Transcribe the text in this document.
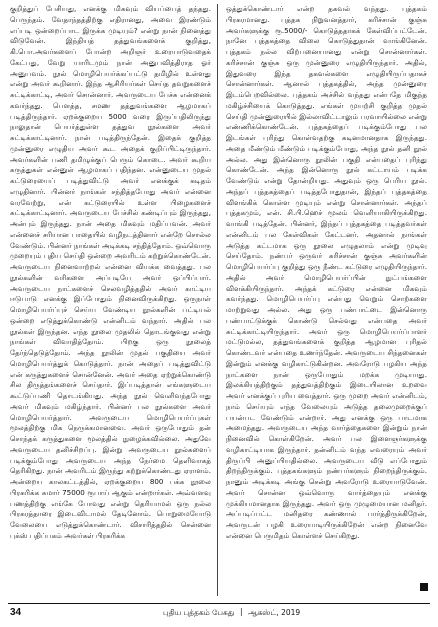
குறித்துப் பேசியது, எனக்கு மிகவும் வியப்பைத் தந்தது. பெருந்தம். வேதாந்தத்திற்கு எதிரானது, அவை இரண்டும் எப்படி ஒன்றைப்பாட இருக்க முடியும்? என்று நான் நினைத்து விடுவேன். இந்தியத் தத்துவங்களைக் குறித்து, கி.பொ.அவர்களைப் போன்ற அறிஞர் உரையாடுவதைக் கேட்பது, வேறு யாரிடமும் நான் அனுபவித்திராத ஓர் அனுபவம். நூல் மொழிபெயர்க்கப்பட்டு தமிழில் உள்ளது என்று அவர் கூறினார். இந்த ஆசிரியர்கள் செய்த தவறுகளைச் சுட்டிக்காட்டி, அவர் சொன்னார். அவருடைய பேச்சு என்னைக் கவர்ந்தது. பௌத்த, சமண தத்துவங்களை ஆழமாகப் படித்திருந்தார். ஏறக்குறைய 5000 வரை இருப்பதிலிருந்து நாலுதான் பெயர்த்துள்ள தத்துவ நூல்களை அவர் சுட்டிக்காட்டினார். நான் படித்திருந்தேன். இதைக் குறித்த முன்னுரை எழுதிய அவர் கூட அதைக் குறிப்பிட்டிருந்தார். அவர்களின் பணி தமிழுக்குப் பெரும் கொடை. அவர் கூறிய கருத்துகள் என்னுள் ஆழமாகப் பதிந்தன. என்னுடைய முதல் கட்டுரையைப் படித்துவிட்டு அவர் எனக்குக் கடிதம் எழுதினார். பின்னர் நாங்கள் சந்தித்தபோது அவர் என்னை வரவேற்று, என் கட்டுரையில் உள்ள பிழைகளைச் சுட்டிக்காட்டினார். அவருடைய பேச்சில் கண்டிப்பும் இருந்தது, அன்பும் இருந்தது. நான் அதை மிகவும் மதிப்பவன். அவர் என்னைச் சரியான பாதையில் வழிநடத்தினார் என்றே சொல்ல வேண்டும். பின்னர் நாங்கள் அடிக்கடி சந்தித்தோம். ஒவ்வொரு முறையும் புதிய செய்தி ஒன்றை அவரிடம் கற்றுக்கொண்டேன். அவருடைய நினைவாற்றல் என்னை வியக்க வைத்தது. பல நூல்களின் வரிகளை அப்படியே அவர் ஒப்பிப்பார். அவருடைய நாட்களைச் செலவழித்ததில் அவர் காட்டிய ஈடுபாடு எனக்கு இப்போதும் நினைவிருக்கிறது. ஒருநாள் மொழிபெயர்ப்புச் செய்ய வேண்டிய நூல்களின் பட்டியல் ஒன்றை எடுத்துக்கொண்டு என்னிடம் வந்தார். அதில் பல நூல்கள் இருந்தன. எந்த நூலை முதலில் தொடங்குவது என்று நாங்கள் விவாதித்தோம். பிறகு ஒரு நூலைத் தேர்ந்தெடுத்தோம். அந்த நூலின் முதல் பகுதியை அவர் மொழிபெயர்த்துக் கொடுத்தார். நான் அதைப் படித்துவிட்டு என் கருத்துகளைச் சொன்னேன். அவர் அதை ஏற்றுக்கொண்டு சில திருத்தங்களைச் செய்தார். இப்படித்தான் எங்களுடைய கூட்டுப்பணி தொடங்கியது. அந்த நூல் வெளிவந்தபோது அவர் மிகவும் மகிழ்ந்தார். பின்னர் பல நூல்களை அவர் மொழிபெயர்த்தார். அவருடைய மொழிபெயர்ப்புகள் மூலத்திற்கு மிக நெருக்கமானவை. அவர் ஒருபோதும் தன் சொந்தக் கருத்துகளை மூலத்தில் நுழைக்கவில்லை. அதுவே அவருடைய தனிச்சிறப்பு. இன்று அவருடைய நூல்களைப் படிக்கும்போது அவருடைய அந்த நேர்மை தெளிவாகத் தெரிகிறது. நான் அவரிடம் இருந்து கற்றுக்கொண்டது ஏராளம். அன்றைய காலகட்டத்தில், ஏறக்குறைய 800 பக்க நூலை பிரசுரிக்க சுமார் 75000 ரூபாய் ஆகும் என்றார்கள். அவ்வளவு பணத்திற்கு எங்கே போவது என்று தெரியாமல் ஒரு நல்ல பிரசுரத்தாரை இடைவிடாமல் தேடினோம். பொறுமையோடு வேலையை எடுத்துக்கொண்டார். விசாரித்ததில் சென்னை புக்ஸ் பதிப்பகம் அவர்கள் பிரசுரிக்க

ஒத்துக்கொண்டார் என்ற தகவல் வந்தது. புத்தகம் பிரசுரமானது. புத்தக நிறுவனத்தார், கரிச்சான் குஞ்சு அவர்களுக்கு ரூ.5000/- கொடுத்ததாகக் கேள்விப்பட்டேன். நானே புத்தகத்தை விலை கொடுத்துதான் வாங்கினேன். புத்தகம் நல்ல விற்பனையானது என்று சொன்னார்கள். கரிச்சான் குஞ்சு ஒரு முன்னுரை எழுதியிருந்தார். அதில், இதுவரை இந்த தகவல்களை எழுதியிருப்பதாகச் சொன்னார்கள். ஆனால் புத்தகத்தில், அந்த முன்னுரை இடம்பெறவில்லை. புத்தகம் அச்சில் வந்தது என்பதே மிகுந்த மகிழ்ச்சியைக் கொடுத்தது. எங்கள் முயற்சி குறித்த முதல் செய்தி முன்னுரையில் இல்லாவிட்டாலும் பரவாயில்லை என்று எண்ணிக்கொண்டேன். புத்தகத்தைப் படிக்கும்போது பல இடங்கள் புரிந்து கொள்வதற்கு கடினமானதாக இருந்தது. அதை மீண்டும் மீண்டும் படிக்கும்போது, அந்த நூல் தனி நூல் அல்ல. அது இன்னொரு நூலின் பகுதி என்பதைப் புரிந்து கொண்டேன். அந்த இன்னொரு நூல் கட்டாயம் படிக்க வேண்டும் என்று தோன்றியது. அதுவும் ஒரு பெரிய நூல். அந்தப் புத்தகத்தைப் படித்தபோதுதான், இந்தப் புத்தகத்தை விளங்கிக் கொள்ள முடியும் என்று சொன்னார்கள். அந்தப் புத்தகமும், என். சி.பி.ஹெச் மூலம் வெளியாகியிருக்கிறது. வாங்கி படித்தேன். பின்னர், இந்தப் புத்தகத்தை படித்தவர்கள் என்னிடம் பல கேள்விகள் கேட்டனர். அதனால் நாங்கள் அடுத்த கட்டமாக ஒரு நூலை எழுதலாம் என்று முடிவு செய்தோம். நண்பர் ஒருவர் கரிச்சான் குஞ்சு அவர்களின் மொழிபெயர்ப்பு குறித்து ஒரு நீண்ட கட்டுரை எழுதியிருந்தார். அதில் அவர் மொழிபெயர்ப்பின் நுட்பங்களை விளக்கியிருந்தார். அந்தக் கட்டுரை என்னை மிகவும் கவர்ந்தது. மொழிபெயர்ப்பு என்பது வெறும் சொற்களை மாற்றுவது அல்ல. அது ஒரு பண்பாட்டை இன்னொரு பண்பாட்டுக்குக் கொண்டு செல்வது என்பதை அவர் சுட்டிக்காட்டியிருந்தார். அவர் ஒரு மொழிபெயர்ப்பாளர் மட்டுமல்ல, தத்துவங்களைக் குறித்த ஆழமான புரிதல் கொண்டவர் என்பதை உணர்ந்தேன். அவருடைய சிந்தனைகள் இன்றும் எனக்கு வழிகாட்டுகின்றன. அவரோடு பழகிய அந்த நாட்களை நான் ஒருபோதும் மறக்க முடியாது. இலக்கியத்திற்கும் தத்துவத்திற்கும் இடையிலான உறவை அவர் எனக்குப் புரிய வைத்தார். ஒரு முறை அவர் என்னிடம், நாம் செய்யும் எந்த வேலையும் அடுத்த தலைமுறைக்குப் பயன்பட வேண்டும் என்றார். அது எனக்கு ஒரு பாடமாக அமைந்தது. அவருடைய அந்த வார்த்தைகளை இன்றும் நான் நினைவில் கொள்கிறேன். அவர் பல இளைஞர்களுக்கு வழிகாட்டியாக இருந்தார். தன்னிடம் வந்த எவரையும் அவர் திருப்பி அனுப்பியதில்லை. அவருடைய வீடு எப்போதும் திறந்திருக்கும். புத்தகங்களும் நண்பர்களும் நிறைந்திருக்கும். நானும் அடிக்கடி அங்கு சென்று அவரோடு உரையாடுவேன். அவர் சொன்ன ஒவ்வொரு வார்த்தையும் எனக்கு முக்கியமானதாக இருந்தது. அவர் ஒரு முழுமையான மனிதர். அப்படிப்பட்ட மனிதரை கண்ணால் பார்த்திருக்கிறேன், அவருடன் பழகி உரையாடியிருக்கிறேன் என்ற நினைவே என்னை பெருமிதம் கொள்ளச் செய்கிறது.

34	புதிய புத்தகம் பேசுது | ஆகஸ்ட், 2019
